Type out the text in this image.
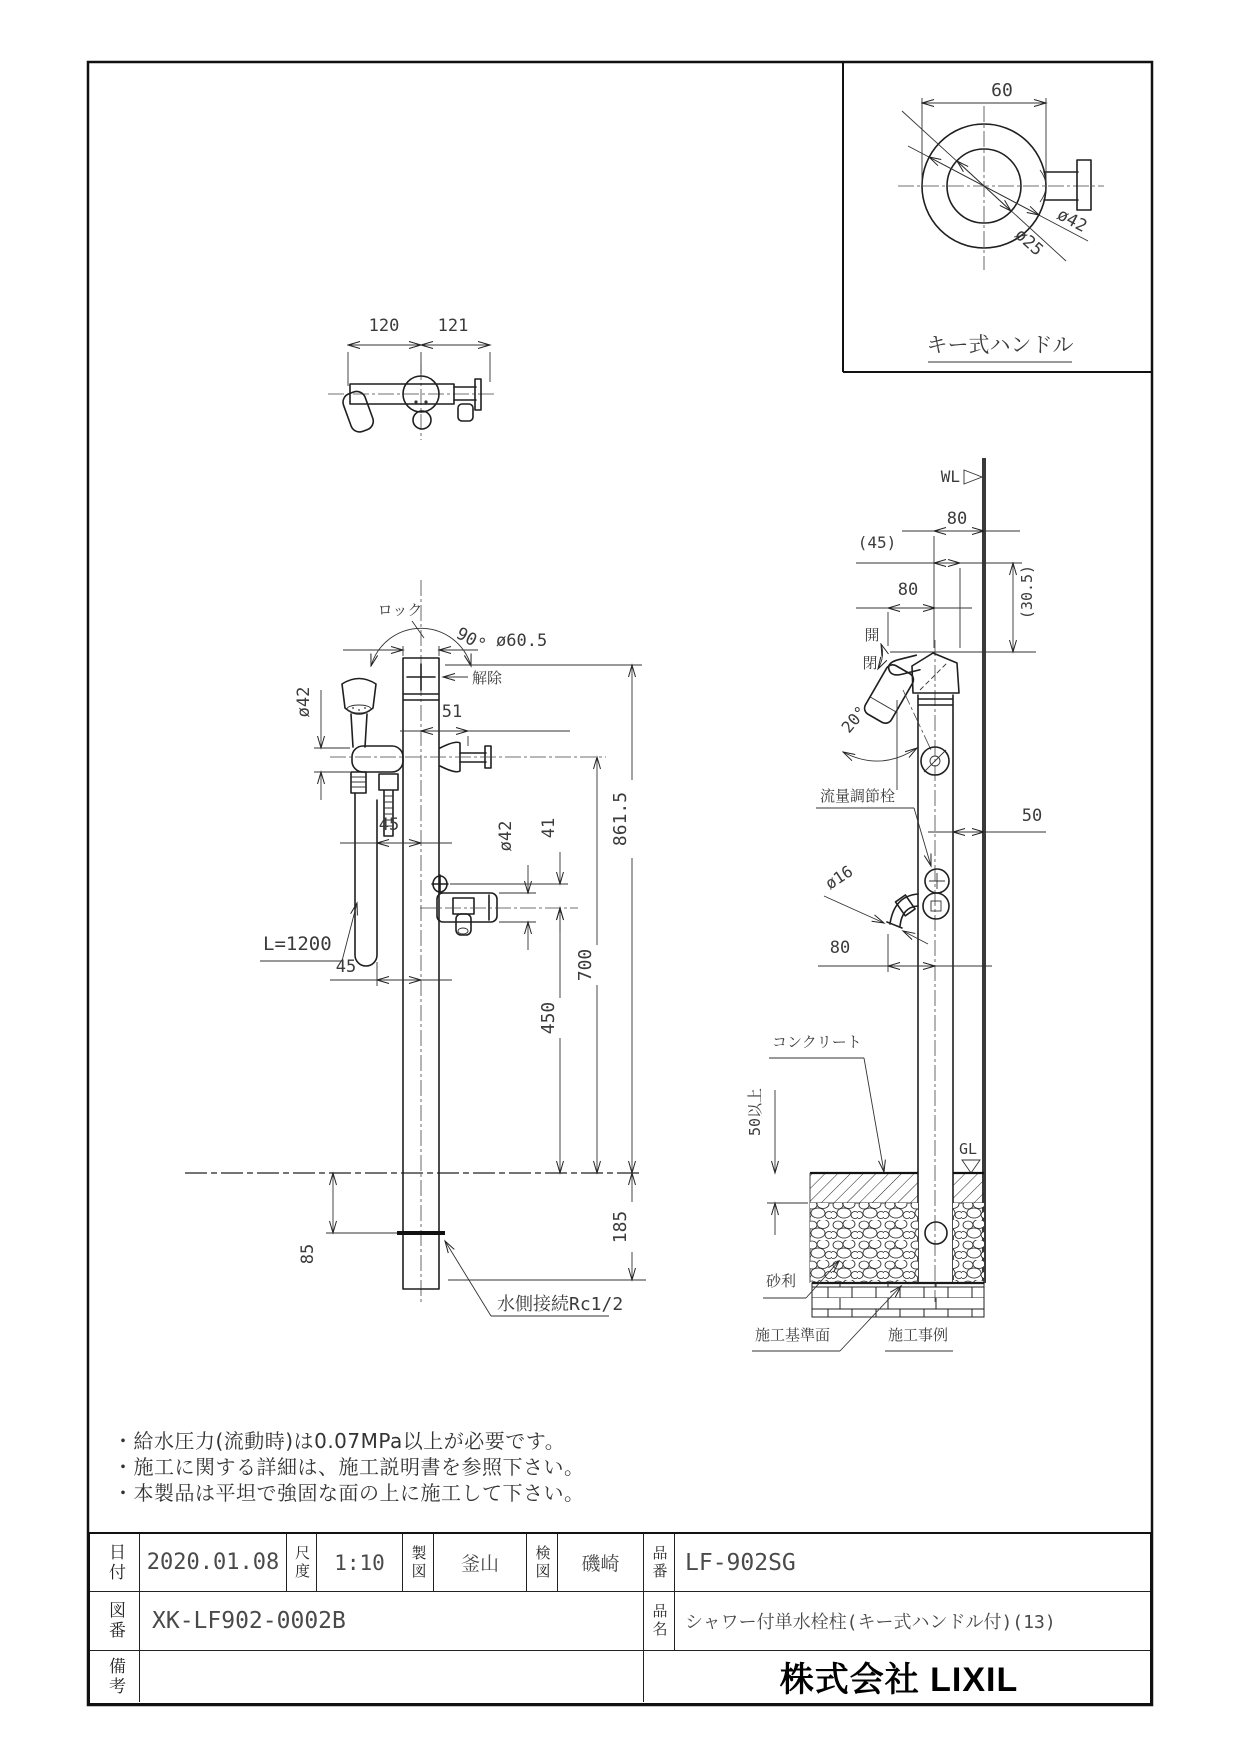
60
ø42
ø25
キー式ハンドル
120 121
ロック
90° ø60.5
解除
51
ø42
45
L=1200
ø42 41
45
450
700
861.5
185
85
水側接続Rc1/2
WL
開
閉
20°
流量調節栓
ø16
80
(45)
(30.5)
80
50
80
コンクリート
50以上
GL
砂利
施工基準面	施工事例
・給水圧力(流動時)は0.07MPa以上が必要です。
・施工に関する詳細は、施工説明書を参照下さい。
・本製品は平坦で強固な面の上に施工して下さい。
日付 2020.01.08 尺度 1:10 製図 釜山 検図 磯崎 品番 LF-902SG
図番	XK-LF902-0002B	品名 シャワー付単水栓柱(キー式ハンドル付)(13)
備考	株式会社 LIXIL
